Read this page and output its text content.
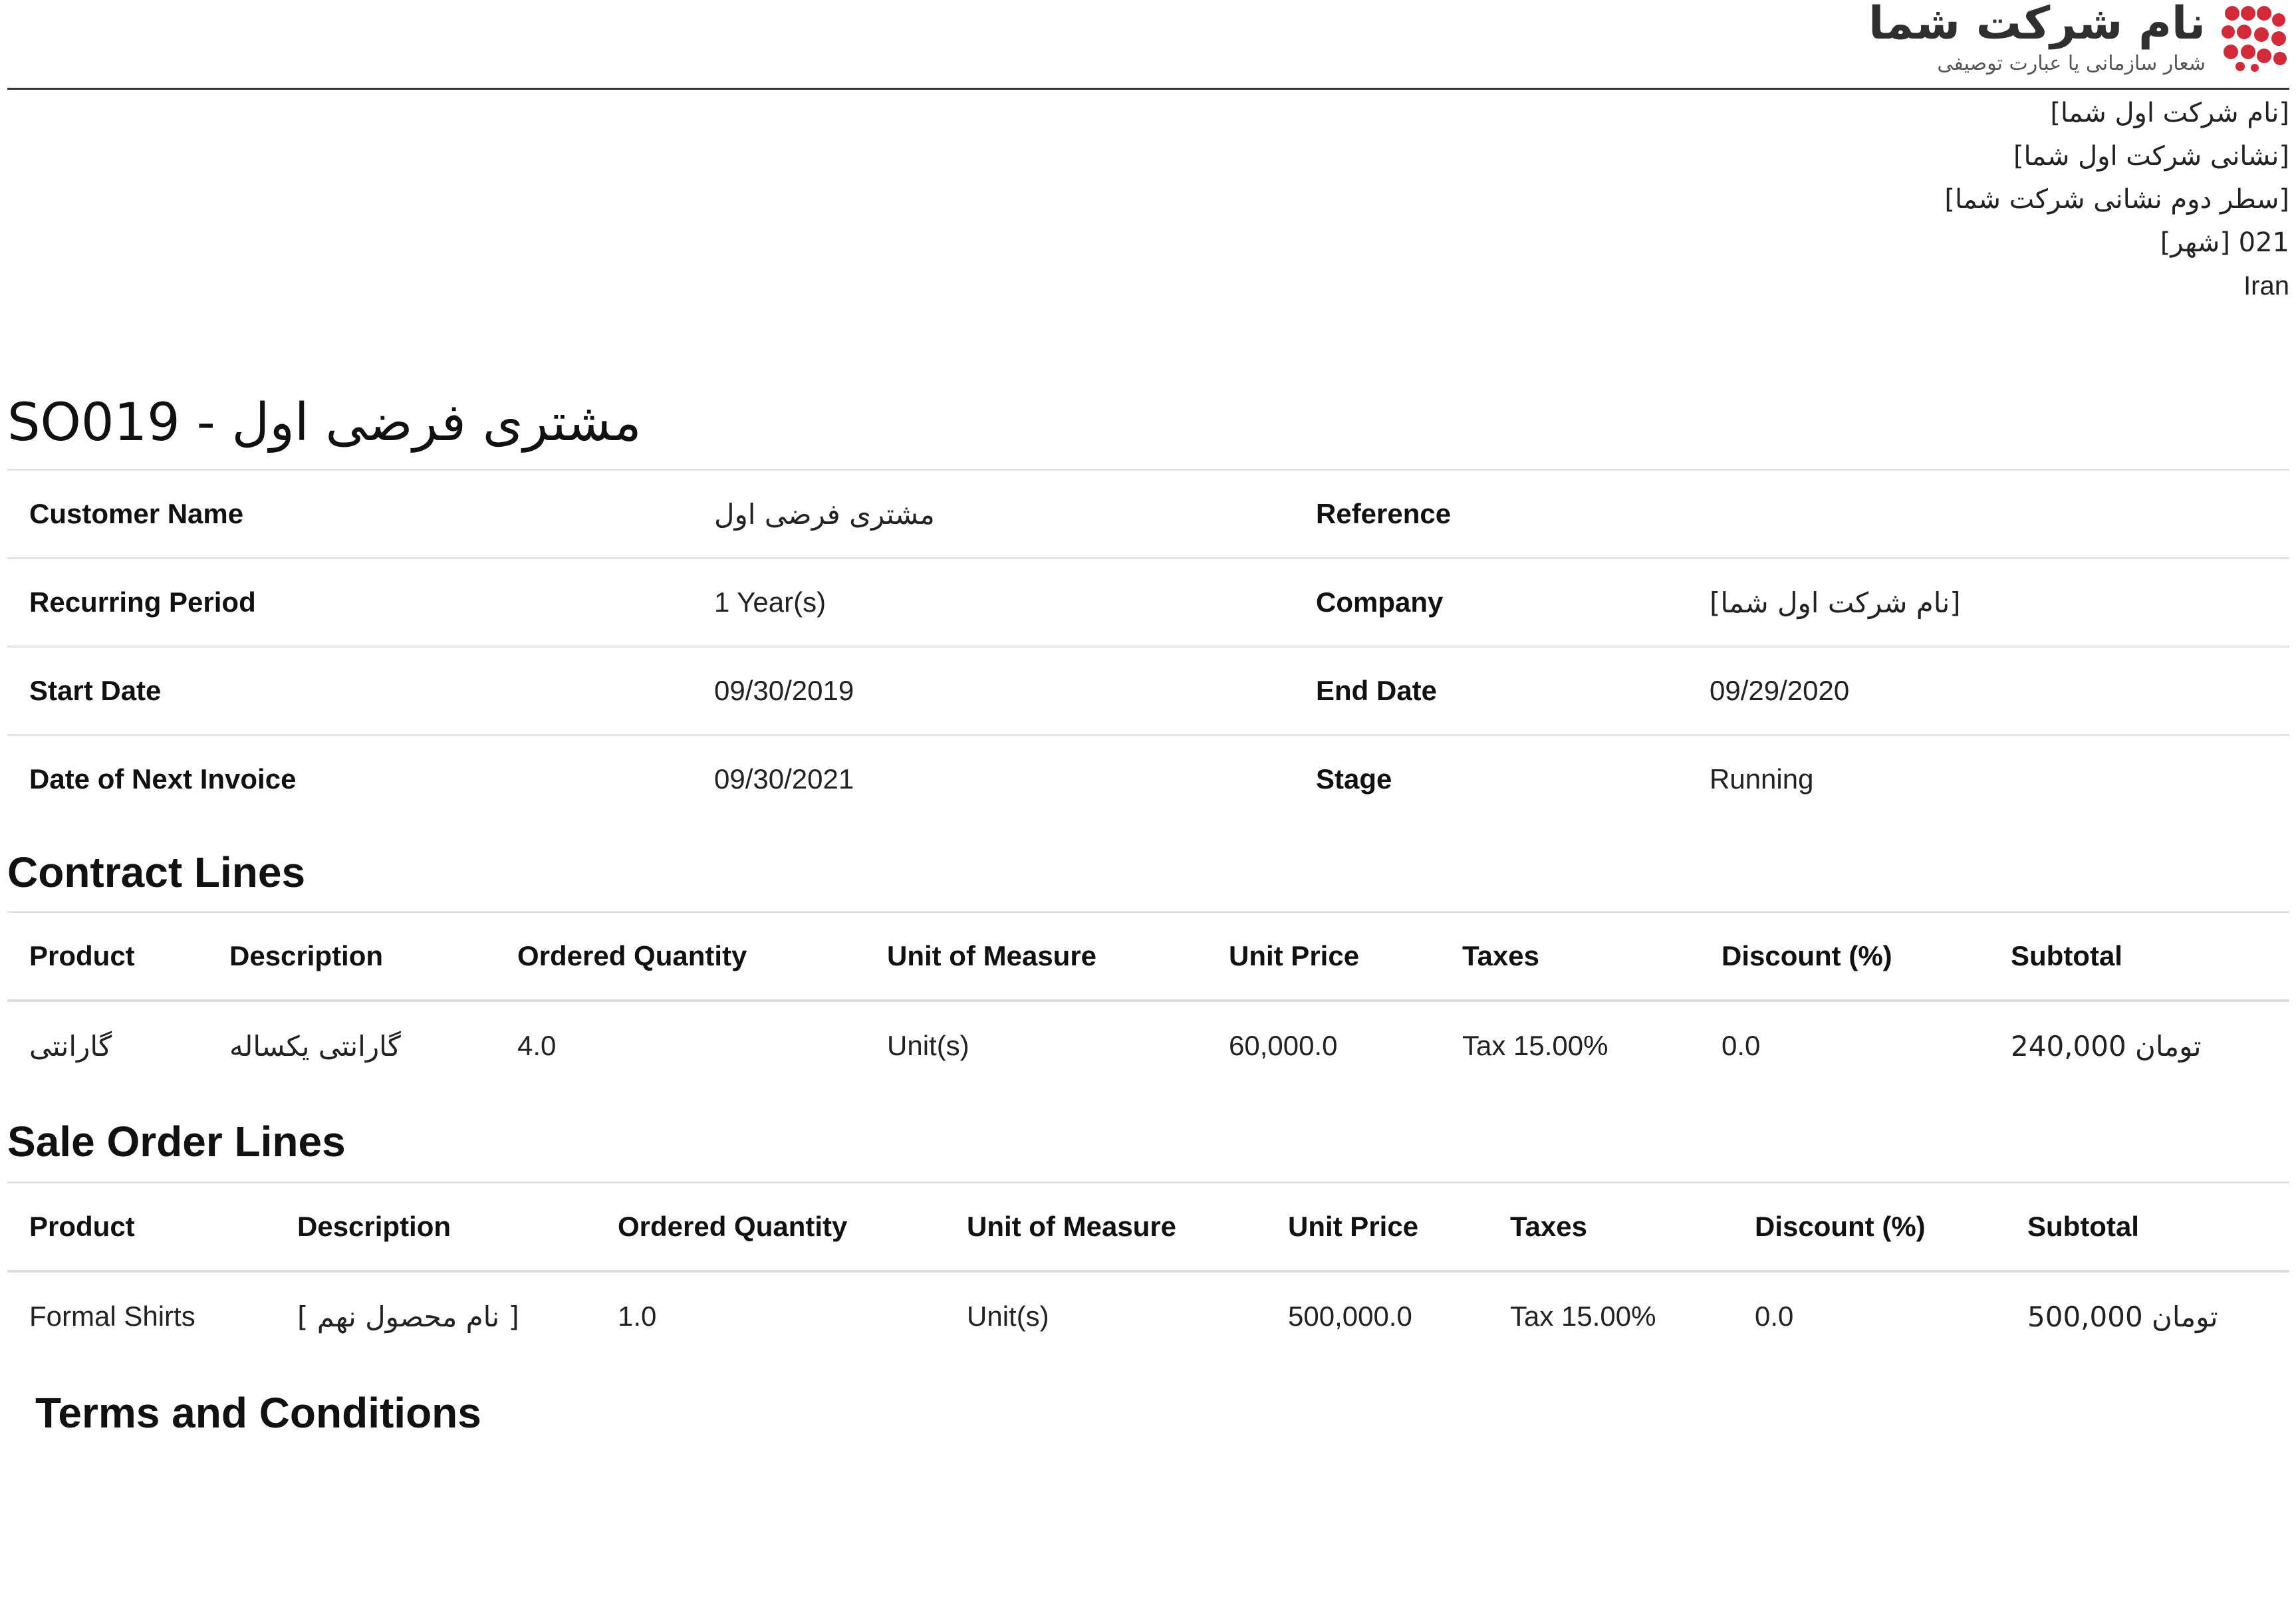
نام شرکت شما
شعار سازمانی یا عبارت توصیفی
[نام شرکت اول شما]
[نشانی شرکت اول شما]
[سطر دوم نشانی شرکت شما]
021 [شهر]
Iran
SO019 - مشتری فرضی اول
Customer Name	مشتری فرضی اول	Reference	
Recurring Period	1 Year(s)	Company	[نام شرکت اول شما]
Start Date	09/30/2019	End Date	09/29/2020
Date of Next Invoice	09/30/2021	Stage	Running
Contract Lines
Product	Description	Ordered Quantity	Unit of Measure	Unit Price	Taxes	Discount (%)	Subtotal
گارانتی	گارانتی یکساله	4.0	Unit(s)	60,000.0	Tax 15.00%	0.0	240,000 تومان
Sale Order Lines
Product	Description	Ordered Quantity	Unit of Measure	Unit Price	Taxes	Discount (%)	Subtotal
Formal Shirts	[ نام محصول نهم ]	1.0	Unit(s)	500,000.0	Tax 15.00%	0.0	500,000 تومان
Terms and Conditions
